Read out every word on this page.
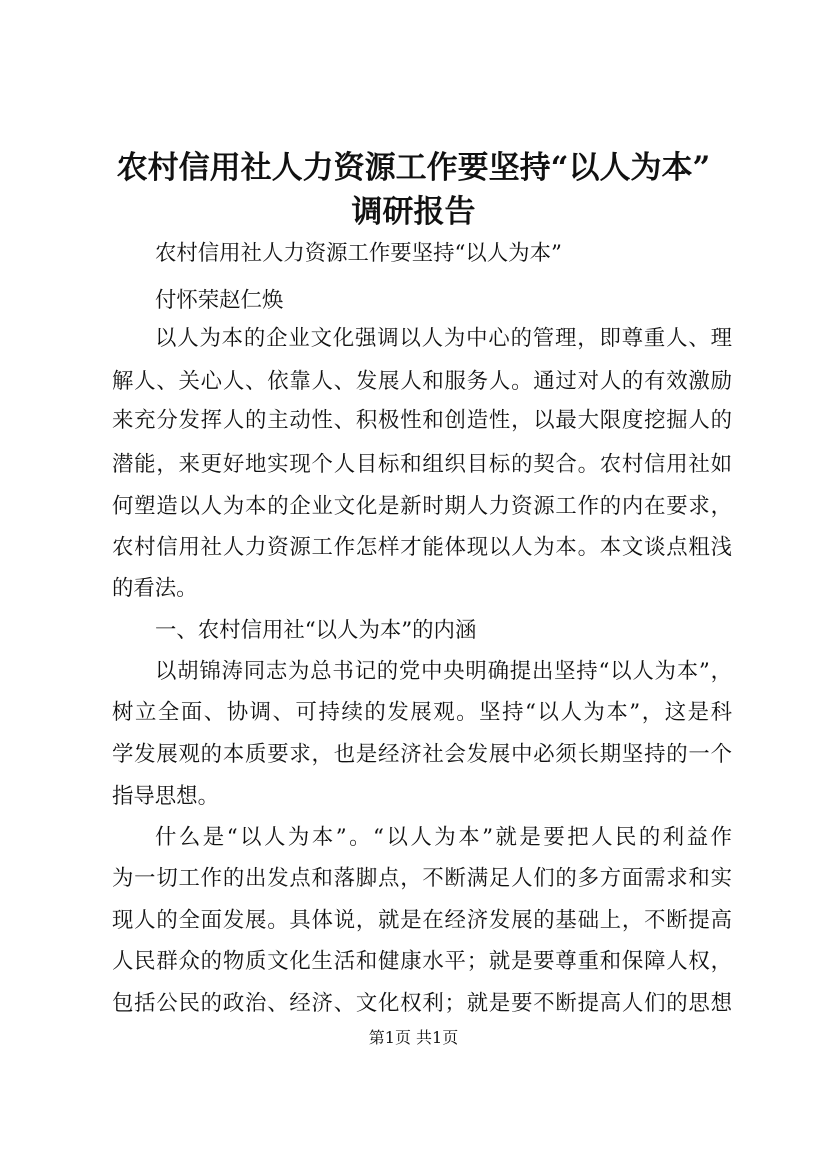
农村信用社人力资源工作要坚持“以人为本”
调研报告
农村信用社人力资源工作要坚持“以人为本”
付怀荣赵仁焕
以人为本的企业文化强调以人为中心的管理，即尊重人、理
解人、关心人、依靠人、发展人和服务人。通过对人的有效激励
来充分发挥人的主动性、积极性和创造性，以最大限度挖掘人的
潜能，来更好地实现个人目标和组织目标的契合。农村信用社如
何塑造以人为本的企业文化是新时期人力资源工作的内在要求，
农村信用社人力资源工作怎样才能体现以人为本。本文谈点粗浅
的看法。
一、农村信用社“以人为本”的内涵
以胡锦涛同志为总书记的党中央明确提出坚持“以人为本”，
树立全面、协调、可持续的发展观。坚持“以人为本”，这是科
学发展观的本质要求，也是经济社会发展中必须长期坚持的一个
指导思想。
什么是“以人为本”。“以人为本”就是要把人民的利益作
为一切工作的出发点和落脚点，不断满足人们的多方面需求和实
现人的全面发展。具体说，就是在经济发展的基础上，不断提高
人民群众的物质文化生活和健康水平；就是要尊重和保障人权，
包括公民的政治、经济、文化权利；就是要不断提高人们的思想
第1页 共1页
